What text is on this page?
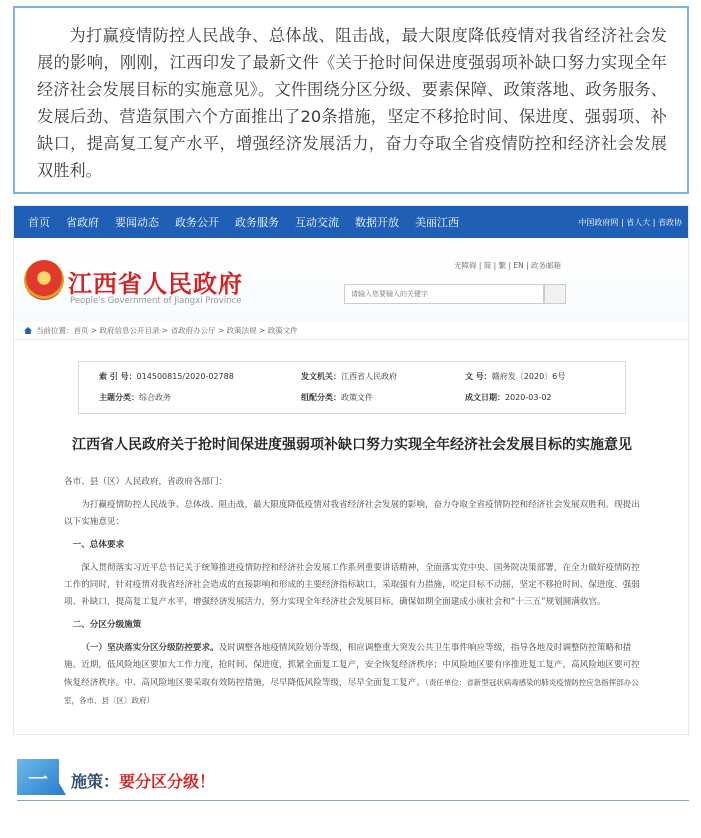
为打赢疫情防控人民战争、总体战、阻击战，最大限度降低疫情对我省经济社会发展的影响，刚刚，江西印发了最新文件《关于抢时间保进度强弱项补缺口努力实现全年经济社会发展目标的实施意见》。文件围绕分区分级、要素保障、政策落地、政务服务、发展后劲、营造氛围六个方面推出了20条措施，坚定不移抢时间、保进度、强弱项、补缺口，提高复工复产水平，增强经济发展活力，奋力夺取全省疫情防控和经济社会发展双胜利。

首页 省政府 要闻动态 政务公开 政务服务 互动交流 数据开放 美丽江西	中国政府网 | 省人大 | 省政协
江西省人民政府
People's Government of Jiangxi Province
无障碍 | 简 | 繁 | EN | 政务邮箱
请输入您要输入的关键字
当前位置： 首页 > 政府信息公开目录 > 省政府办公厅 > 政策法规 > 政策文件
索 引 号：014500815/2020-02788	发文机关：江西省人民政府	文 号：赣府发〔2020〕6号
主题分类：综合政务	组配分类：政策文件	成文日期：2020-03-02
江西省人民政府关于抢时间保进度强弱项补缺口努力实现全年经济社会发展目标的实施意见

各市、县（区）人民政府，省政府各部门：

为打赢疫情防控人民战争、总体战、阻击战，最大限度降低疫情对我省经济社会发展的影响，奋力夺取全省疫情防控和经济社会发展双胜利。现提出以下实施意见：

一、总体要求

深入贯彻落实习近平总书记关于统筹推进疫情防控和经济社会发展工作系列重要讲话精神，全面落实党中央、国务院决策部署，在全力做好疫情防控工作的同时，针对疫情对我省经济社会造成的直接影响和形成的主要经济指标缺口，采取强有力措施，咬定目标不动摇，坚定不移抢时间、保进度、强弱项、补缺口，提高复工复产水平，增强经济发展活力，努力实现全年经济社会发展目标，确保如期全面建成小康社会和“十三五”规划圆满收官。

二、分区分级施策

（一）坚决落实分区分级防控要求。及时调整各地疫情风险划分等级，相应调整重大突发公共卫生事件响应等级，指导各地及时调整防控策略和措施。近期，低风险地区要加大工作力度，抢时间、保进度，抓紧全面复工复产，安全恢复经济秩序；中风险地区要有序推进复工复产，高风险地区要可控恢复经济秩序。中、高风险地区要采取有效防控措施，尽早降低风险等级，尽早全面复工复产。（责任单位：省新型冠状病毒感染的肺炎疫情防控应急指挥部办公室，各市、县〔区〕政府）

一	施策：要分区分级！
